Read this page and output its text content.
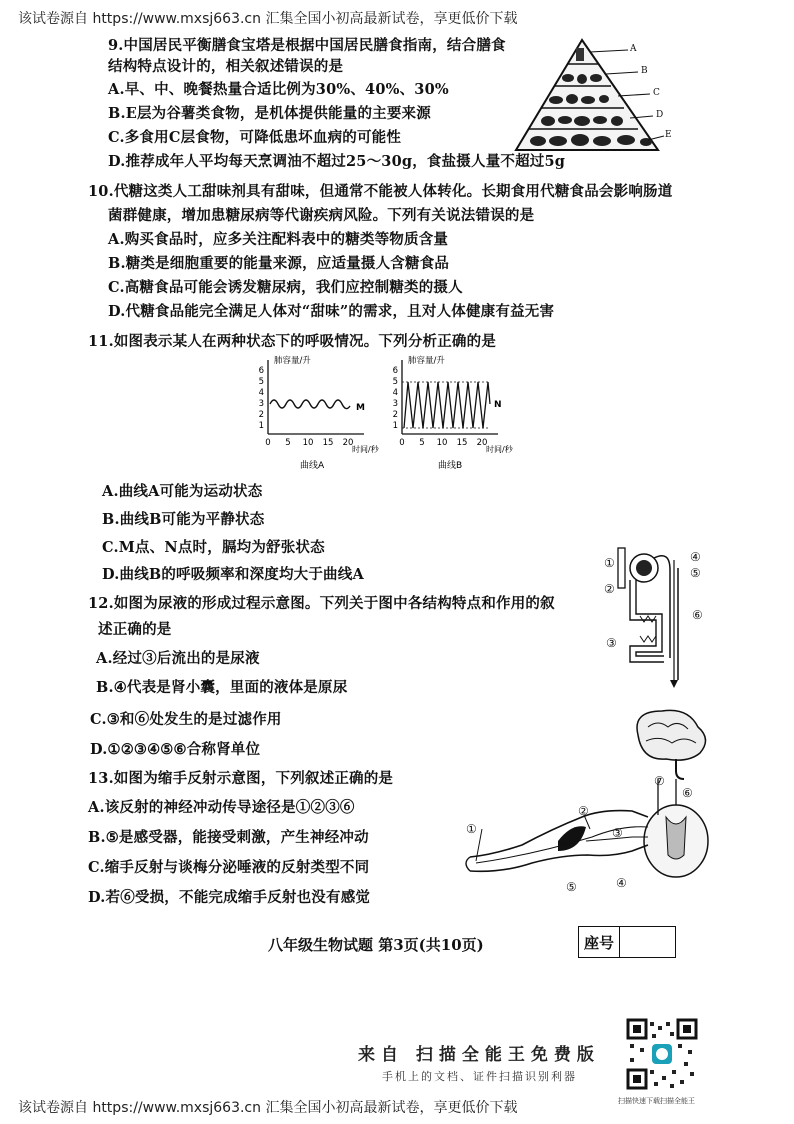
该试卷源自 https://www.mxsj663.cn 汇集全国小初高最新试卷，享更低价下载
9.中国居民平衡膳食宝塔是根据中国居民膳食指南，结合膳食
结构特点设计的，相关叙述错误的是
A.早、中、晚餐热量合适比例为30%、40%、30%
B.E层为谷薯类食物，是机体提供能量的主要来源
C.多食用C层食物，可降低患坏血病的可能性
D.推荐成年人平均每天烹调油不超过25～30g，食盐摄人量不超过5g
A
B
C
D
E
10.代糖这类人工甜味剂具有甜味，但通常不能被人体转化。长期食用代糖食品会影响肠道
菌群健康，增加患糖尿病等代谢疾病风险。下列有关说法错误的是
A.购买食品时，应多关注配料表中的糖类等物质含量
B.糖类是细胞重要的能量来源，应适量摄人含糖食品
C.高糖食品可能会诱发糖尿病，我们应控制糖类的摄人
D.代糖食品能完全满足人体对“甜味”的需求，且对人体健康有益无害
11.如图表示某人在两种状态下的呼吸情况。下列分析正确的是
肺容量/升
1
2
3
4
5
6
0 5 10 15 20
时间/秒
M
曲线A
肺容量/升
1
2
3
4
5
6
0 5 10 15 20
时间/秒
N
曲线B
A.曲线A可能为运动状态
B.曲线B可能为平静状态
C.M点、N点时，膈均为舒张状态
D.曲线B的呼吸频率和深度均大于曲线A
12.如图为尿液的形成过程示意图。下列关于图中各结构特点和作用的叙
述正确的是
A.经过③后流出的是尿液
B.④代表是肾小囊，里面的液体是原尿
C.③和⑥处发生的是过滤作用
D.①②③④⑤⑥合称肾单位
④
⑤
②
①
⑥
③
13.如图为缩手反射示意图，下列叙述正确的是
A.该反射的神经冲动传导途径是①②③⑥
B.⑤是感受器，能接受刺激，产生神经冲动
C.缩手反射与谈梅分泌唾液的反射类型不同
D.若⑥受损，不能完成缩手反射也没有感觉
①
②
③
④
⑤
⑥
⑦
八年级生物试题 第3页(共10页)	座号
来自 扫描全能王免费版
手机上的文档、证件扫描识别利器
扫描快速下载扫描全能王
该试卷源自 https://www.mxsj663.cn 汇集全国小初高最新试卷，享更低价下载
